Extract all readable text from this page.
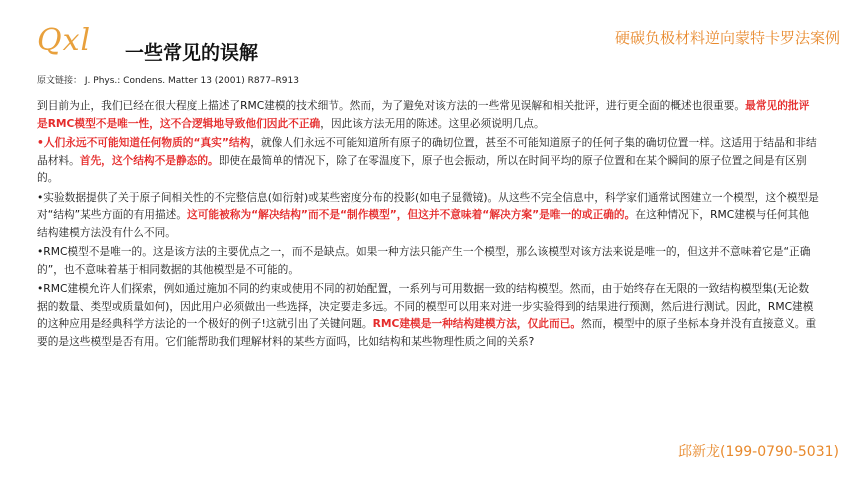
Qxl 一些常见的误解
硬碳负极材料逆向蒙特卡罗法案例
原文链接： J. Phys.: Condens. Matter 13 (2001) R877–R913

到目前为止，我们已经在很大程度上描述了RMC建模的技术细节。然而，为了避免对该方法的一些常见误解和相关批评，进行更全面的概述也很重要。最常见的批评是RMC模型不是唯一性，这不合逻辑地导致他们因此不正确，因此该方法无用的陈述。这里必须说明几点。

•人们永远不可能知道任何物质的“真实”结构，就像人们永远不可能知道所有原子的确切位置，甚至不可能知道原子的任何子集的确切位置一样。这适用于结晶和非结晶材料。首先，这个结构不是静态的。即使在最简单的情况下，除了在零温度下，原子也会振动，所以在时间平均的原子位置和在某个瞬间的原子位置之间是有区别的。

•实验数据提供了关于原子间相关性的不完整信息(如衍射)或某些密度分布的投影(如电子显微镜)。从这些不完全信息中，科学家们通常试图建立一个模型，这个模型是对“结构”某些方面的有用描述。这可能被称为“解决结构”而不是“制作模型”，但这并不意味着“解决方案”是唯一的或正确的。在这种情况下，RMC建模与任何其他结构建模方法没有什么不同。

•RMC模型不是唯一的。这是该方法的主要优点之一，而不是缺点。如果一种方法只能产生一个模型，那么该模型对该方法来说是唯一的，但这并不意味着它是“正确的”，也不意味着基于相同数据的其他模型是不可能的。

•RMC建模允许人们探索，例如通过施加不同的约束或使用不同的初始配置，一系列与可用数据一致的结构模型。然而，由于始终存在无限的一致结构模型集(无论数据的数量、类型或质量如何)，因此用户必须做出一些选择，决定要走多远。不同的模型可以用来对进一步实验得到的结果进行预测，然后进行测试。因此，RMC建模的这种应用是经典科学方法论的一个极好的例子!这就引出了关键问题。RMC建模是一种结构建模方法，仅此而已。然而，模型中的原子坐标本身并没有直接意义。重要的是这些模型是否有用。它们能帮助我们理解材料的某些方面吗，比如结构和某些物理性质之间的关系?

邱新龙(199-0790-5031)
